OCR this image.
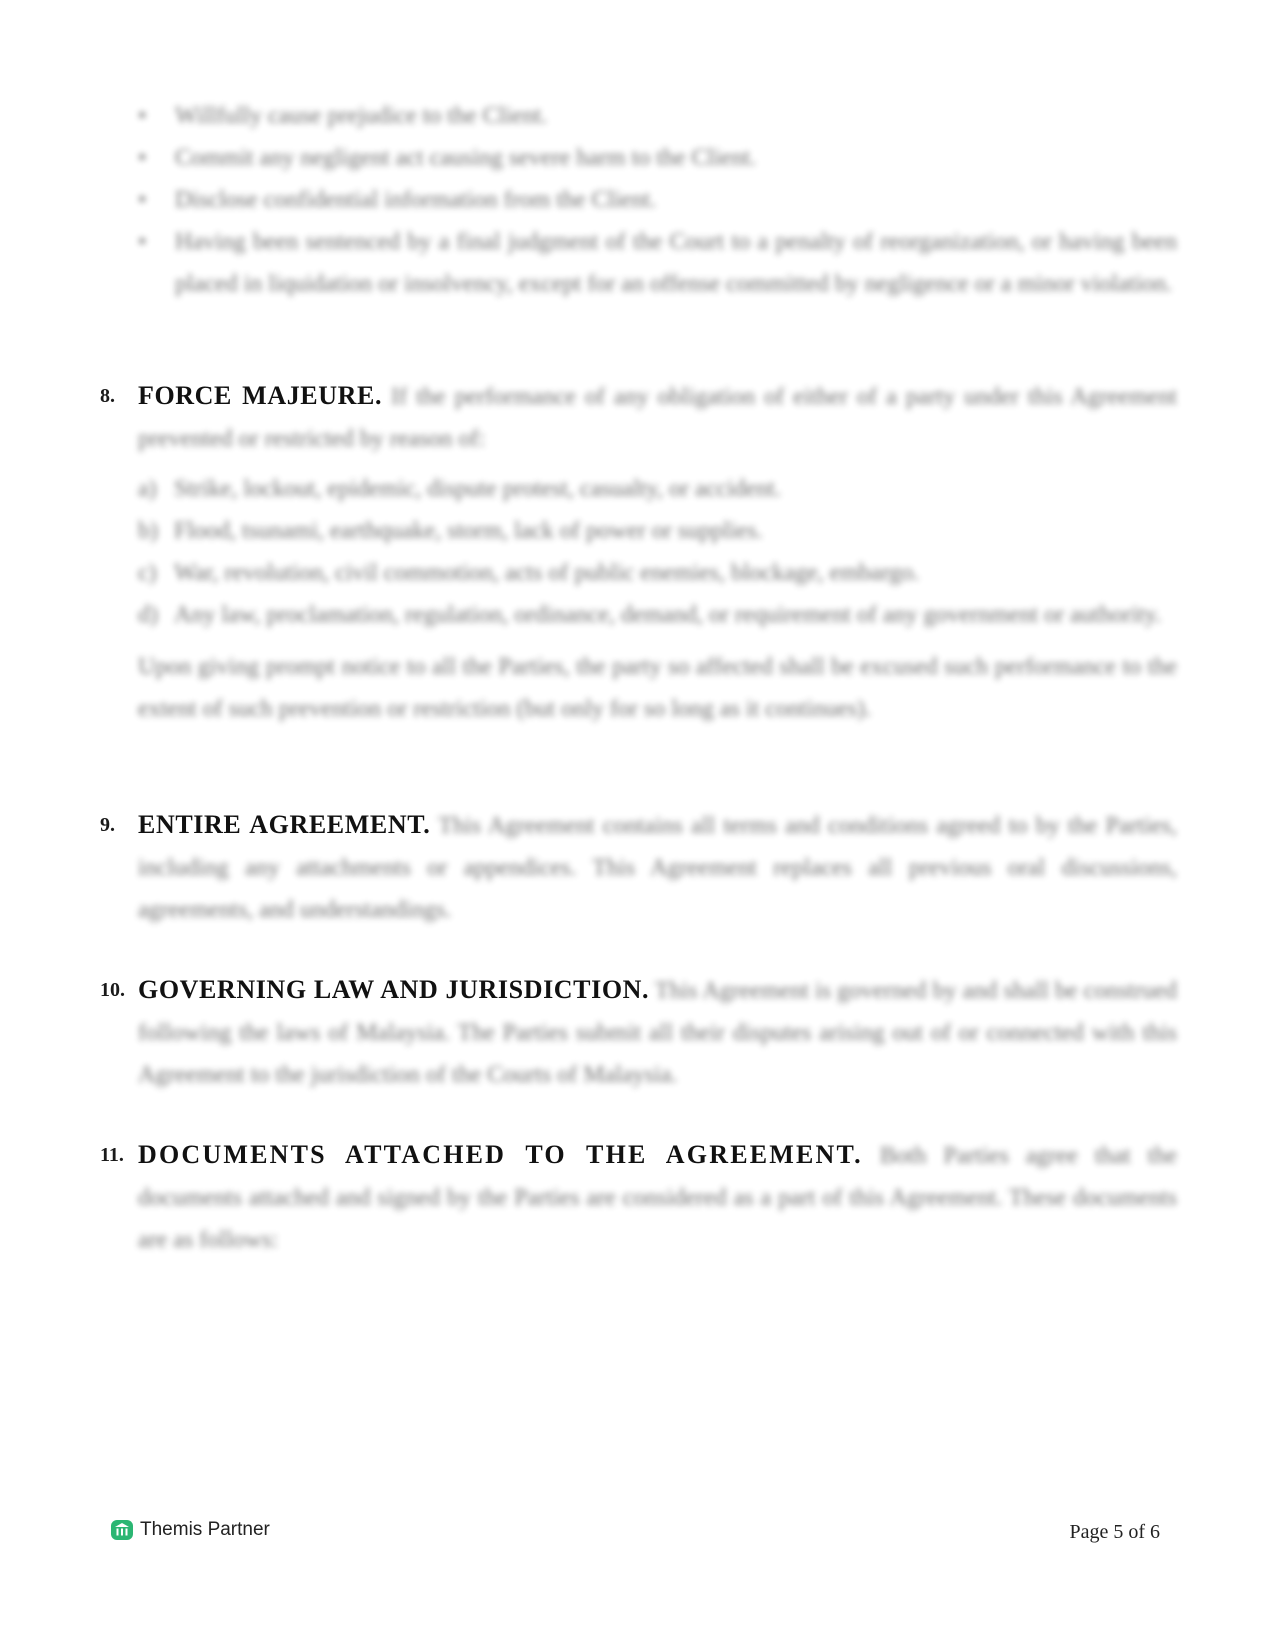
• Willfully cause prejudice to the Client.
• Commit any negligent act causing severe harm to the Client.
• Disclose confidential information from the Client.
• Having been sentenced by a final judgment of the Court to a penalty of reorganization, or having been placed in liquidation or insolvency, except for an offense committed by negligence or a minor violation.
8. FORCE MAJEURE. If the performance of any obligation of either of a party under this Agreement prevented or restricted by reason of:
a) Strike, lockout, epidemic, dispute protest, casualty, or accident.
b) Flood, tsunami, earthquake, storm, lack of power or supplies.
c) War, revolution, civil commotion, acts of public enemies, blockage, embargo.
d) Any law, proclamation, regulation, ordinance, demand, or requirement of any government or authority.
Upon giving prompt notice to all the Parties, the party so affected shall be excused such performance to the extent of such prevention or restriction (but only for so long as it continues).
9. ENTIRE AGREEMENT. This Agreement contains all terms and conditions agreed to by the Parties, including any attachments or appendices. This Agreement replaces all previous oral discussions, agreements, and understandings.
10. GOVERNING LAW AND JURISDICTION. This Agreement is governed by and shall be construed following the laws of Malaysia. The Parties submit all their disputes arising out of or connected with this Agreement to the jurisdiction of the Courts of Malaysia.
11. DOCUMENTS ATTACHED TO THE AGREEMENT. Both Parties agree that the documents attached and signed by the Parties are considered as a part of this Agreement. These documents are as follows:
Themis Partner	Page 5 of 6
